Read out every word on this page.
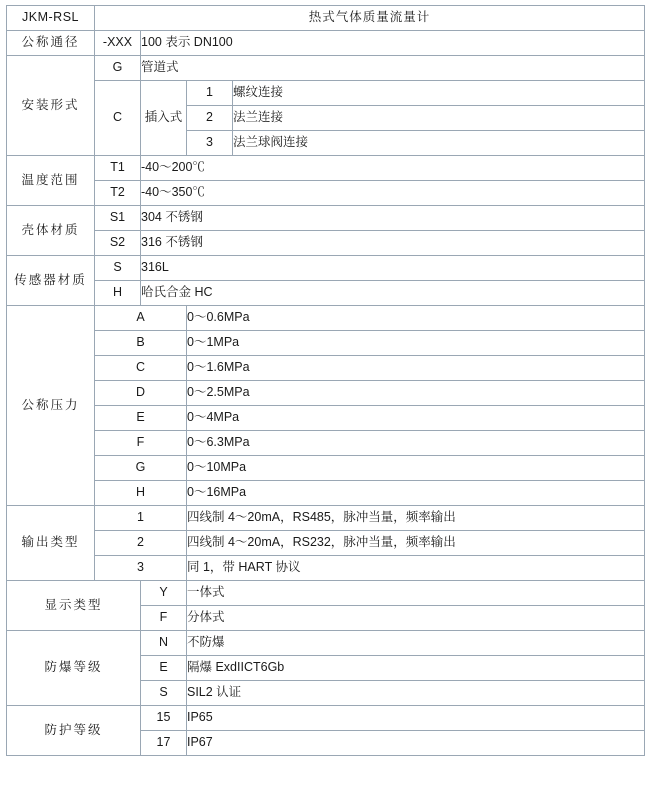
JKM-RSL	热式气体质量流量计			
公称通径	-XXX	100 表示 DN100		
安装形式	G	管道式		
	C	插入式	1	螺纹连接
			2	法兰连接
			3	法兰球阀连接
温度范围	T1	-40～200℃		
	T2	-40～350℃		
壳体材质	S1	304 不锈钢		
	S2	316 不锈钢		
传感器材质	S	316L		
	H	哈氏合金 HC		
公称压力	A		0～0.6MPa	
	B		0～1MPa	
	C		0～1.6MPa	
	D		0～2.5MPa	
	E		0～4MPa	
	F		0～6.3MPa	
	G		0～10MPa	
	H		0～16MPa	
输出类型	1		四线制 4～20mA，RS485，脉冲当量，频率输出	
	2		四线制 4～20mA，RS232，脉冲当量，频率输出	
	3		同 1，带 HART 协议	
显示类型		Y	一体式	
		F	分体式	
防爆等级		N	不防爆	
		E	隔爆 ExdIICT6Gb	
		S	SIL2 认证	
防护等级		15	IP65	
		17	IP67	
